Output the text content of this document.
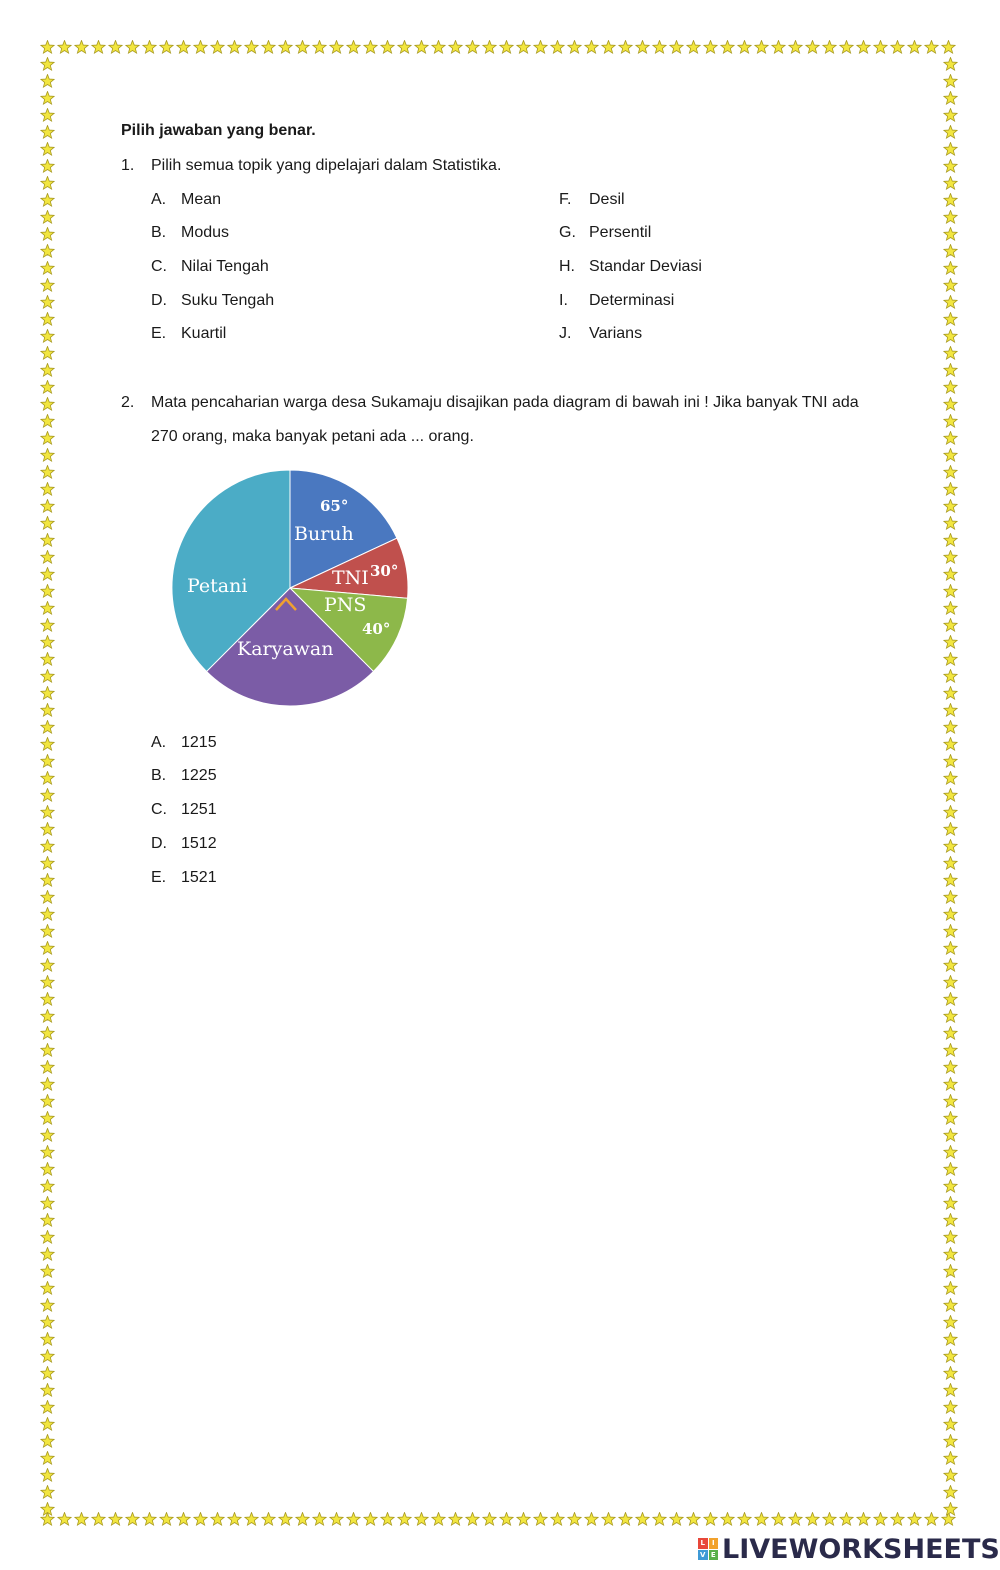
Pilih jawaban yang benar.
1. Pilih semua topik yang dipelajari dalam Statistika.
A. Mean
B. Modus
C. Nilai Tengah
D. Suku Tengah
E. Kuartil
F. Desil
G. Persentil
H. Standar Deviasi
I. Determinasi
J. Varians
2. Mata pencaharian warga desa Sukamaju disajikan pada diagram di bawah ini ! Jika banyak TNI ada
270 orang, maka banyak petani ada ... orang.
Buruh
65°
TNI 30°
PNS
40°
Karyawan
Petani
A. 1215
B. 1225
C. 1251
D. 1512
E. 1521
L I
V E LIVEWORKSHEETS
